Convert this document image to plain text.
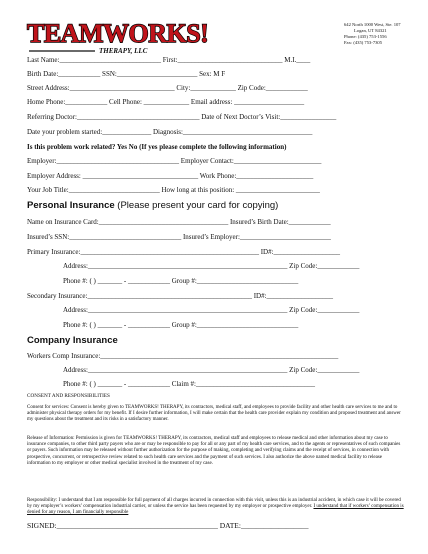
TEAMWORKS!
THERAPY, LLC
642 North 1000 West, Ste. 107
Logan, UT 84321
Phone: (435) 753-1556
Fax: (435) 753-7305
Last Name:_____________________________ First:______________________________ M.I.____
Birth Date:____________ SSN:_______________________ Sex: M F
Street Address:______________________________ City:_____________ Zip Code:____________
Home Phone:____________ Cell Phone: _____________ Email address: ____________________
Referring Doctor:___________________________________ Date of Next Doctor’s Visit:________________
Date your problem started:______________ Diagnosis:_____________________________________
Is this problem work related? Yes No (If yes please complete the following information)
Employer:___________________________________ Employer Contact:_________________________
Employer Address: _________________________________ Work Phone:______________________
Your Job Title:__________________________ How long at this position: ________________________
Personal Insurance (Please present your card for copying)
Name on Insurance Card:_____________________________________ Insured’s Birth Date:____________
Insured’s SSN:________________________________ Insured’s Employer:__________________________
Primary Insurance:___________________________________________________ ID#:___________________
Address:_________________________________________________________ Zip Code:____________
Phone #: ( ) _______ - ____________ Group #:_____________________________
Secondary Insurance:_______________________________________________ ID#:___________________
Address:_________________________________________________________ Zip Code:____________
Phone #: ( ) _______ - ____________ Group #:_____________________________
Company Insurance
Workers Comp Insurance:____________________________________________________________________
Address:_________________________________________________________ Zip Code:____________
Phone #: ( ) _______ - ____________ Claim #:__________________________________
CONSENT AND RESPONSIBILITIES
Consent for services: Consent is hereby given to TEAMWORKS! THERAPY, its contractors, medical staff, and employees to provide facility and other health care services to me and to administer physical therapy orders for my benefit. If I desire further information, I will make certain that the health care provider explain my condition and proposed treatment and answer my questions about the treatment and its risks in a satisfactory manner.
Release of Information: Permission is given for TEAMWORKS! THERAPY, its contractors, medical staff and employees to release medical and other information about my case to insurance companies, to other third party payers who are or may be responsible to pay for all or any part of my health care services, and to the agents or representatives of such companies or payers. Such information may be released without further authorization for the purpose of making, completing and verifying claims and the receipt of services, in connection with prospective, concurrent, or retrospective review related to such health care services and the payment of such services. I also authorize the above named medical facility to release information to my employer or other medical specialist involved in the treatment of my case.
Responsibility: I understand that I am responsible for full payment of all charges incurred in connection with this visit, unless this is an industrial accident, in which case it will be covered by my employer’s workers’ compensation industrial carrier, or unless the service has been requested by my employer or prospective employer. I understand that if workers’ compensation is denied for any reason, I am financially responsible
SIGNED:___________________________________________ DATE:__________________
